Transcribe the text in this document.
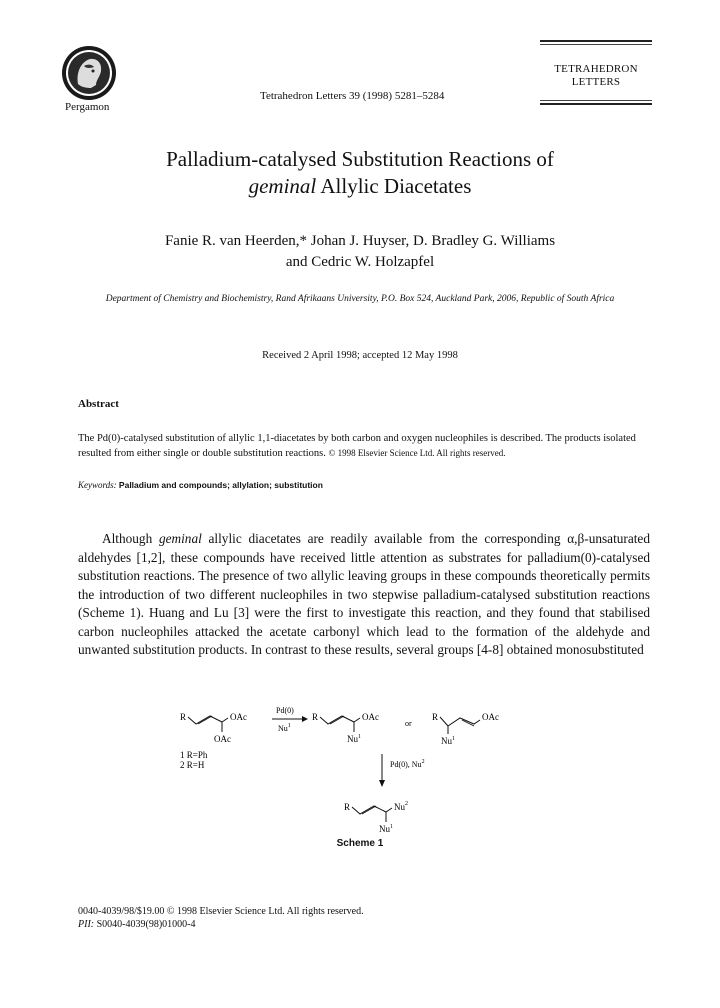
Pergamon
Tetrahedron Letters 39 (1998) 5281–5284
TETRAHEDRON
LETTERS
Palladium-catalysed Substitution Reactions of
geminal Allylic Diacetates
Fanie R. van Heerden,* Johan J. Huyser, D. Bradley G. Williams
and Cedric W. Holzapfel
Department of Chemistry and Biochemistry, Rand Afrikaans University, P.O. Box 524, Auckland Park, 2006, Republic of South Africa
Received 2 April 1998; accepted 12 May 1998
Abstract
The Pd(0)-catalysed substitution of allylic 1,1-diacetates by both carbon and oxygen nucleophiles is described. The products isolated resulted from either single or double substitution reactions. © 1998 Elsevier Science Ltd. All rights reserved.
Keywords: Palladium and compounds; allylation; substitution
Although geminal allylic diacetates are readily available from the corresponding α,β-unsaturated aldehydes [1,2], these compounds have received little attention as substrates for palladium(0)-catalysed substitution reactions. The presence of two allylic leaving groups in these compounds theoretically permits the introduction of two different nucleophiles in two stepwise palladium-catalysed substitution reactions (Scheme 1). Huang and Lu [3] were the first to investigate this reaction, and they found that stabilised carbon nucleophiles attacked the acetate carbonyl which lead to the formation of the aldehyde and unwanted substitution products. In contrast to these results, several groups [4-8] obtained monosubstituted
R	OAc
OAc
1 R=Ph
2 R=H
Pd(0)
Nu$^1$
R	OAc
Nu$^1$
or
R	OAc
Nu$^1$
Pd(0), Nu$^2$
R	Nu$^2$
Nu$^1$
Scheme 1
0040-4039/98/$19.00 © 1998 Elsevier Science Ltd. All rights reserved.
PII: S0040-4039(98)01000-4
